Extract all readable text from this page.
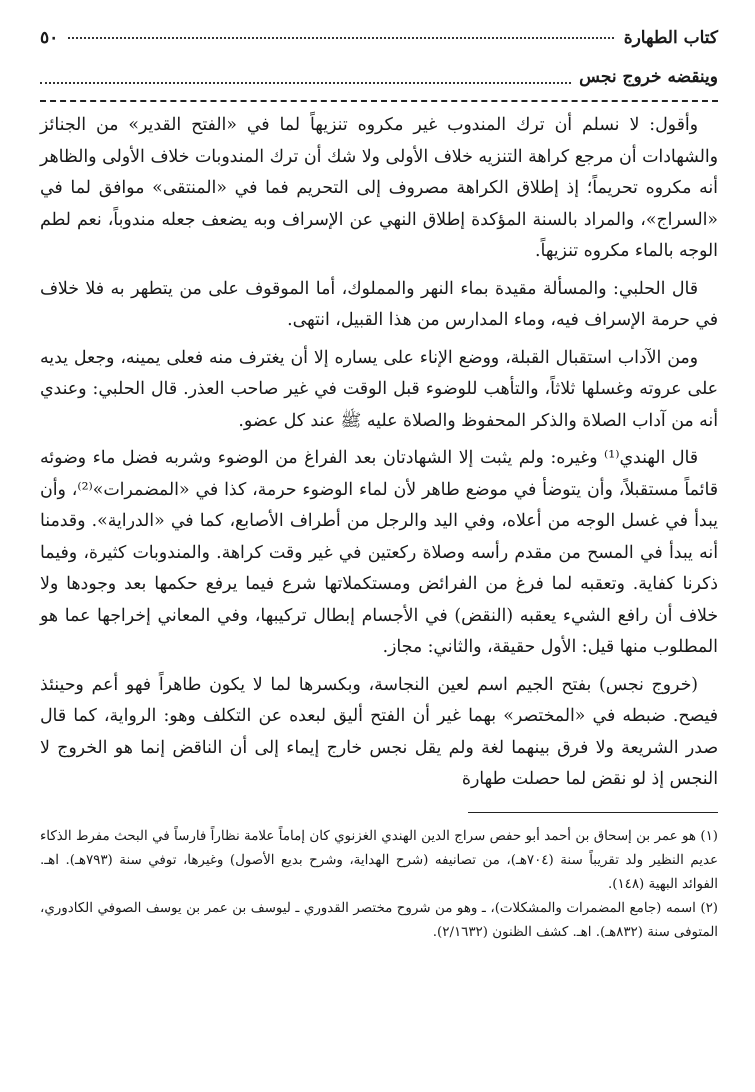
كتاب الطهارة
٥٠
وينقضه خروج نجس

وأقول: لا نسلم أن ترك المندوب غير مكروه تنزيهاً لما في «الفتح القدير» من الجنائز والشهادات أن مرجع كراهة التنزيه خلاف الأولى ولا شك أن ترك المندوبات خلاف الأولى والظاهر أنه مكروه تحريماً؛ إذ إطلاق الكراهة مصروف إلى التحريم فما في «المنتقى» موافق لما في «السراج»، والمراد بالسنة المؤكدة إطلاق النهي عن الإسراف وبه يضعف جعله مندوباً، نعم لطم الوجه بالماء مكروه تنزيهاً.

قال الحلبي: والمسألة مقيدة بماء النهر والمملوك، أما الموقوف على من يتطهر به فلا خلاف في حرمة الإسراف فيه، وماء المدارس من هذا القبيل، انتهى.

ومن الآداب استقبال القبلة، ووضع الإناء على يساره إلا أن يغترف منه فعلى يمينه، وجعل يديه على عروته وغسلها ثلاثاً، والتأهب للوضوء قبل الوقت في غير صاحب العذر. قال الحلبي: وعندي أنه من آداب الصلاة والذكر المحفوظ والصلاة عليه ﷺ عند كل عضو.

قال الهندي⁽¹⁾ وغيره: ولم يثبت إلا الشهادتان بعد الفراغ من الوضوء وشربه فضل ماء وضوئه قائماً مستقبلاً، وأن يتوضأ في موضع طاهر لأن لماء الوضوء حرمة، كذا في «المضمرات»⁽²⁾، وأن يبدأ في غسل الوجه من أعلاه، وفي اليد والرجل من أطراف الأصابع، كما في «الدراية». وقدمنا أنه يبدأ في المسح من مقدم رأسه وصلاة ركعتين في غير وقت كراهة. والمندوبات كثيرة، وفيما ذكرنا كفاية. وتعقبه لما فرغ من الفرائض ومستكملاتها شرع فيما يرفع حكمها بعد وجودها ولا خلاف أن رافع الشيء يعقبه (النقض) في الأجسام إبطال تركيبها، وفي المعاني إخراجها عما هو المطلوب منها قيل: الأول حقيقة، والثاني: مجاز.

(خروج نجس) بفتح الجيم اسم لعين النجاسة، وبكسرها لما لا يكون طاهراً فهو أعم وحينئذ فيصح. ضبطه في «المختصر» بهما غير أن الفتح أليق لبعده عن التكلف وهو: الرواية، كما قال صدر الشريعة ولا فرق بينهما لغة ولم يقل نجس خارج إيماء إلى أن الناقض إنما هو الخروج لا النجس إذ لو نقض لما حصلت طهارة

(١) هو عمر بن إسحاق بن أحمد أبو حفص سراج الدين الهندي الغزنوي كان إماماً علامة نظاراً فارساً في البحث مفرط الذكاء عديم النظير ولد تقريباً سنة (٧٠٤هـ)، من تصانيفه (شرح الهداية، وشرح بديع الأصول) وغيرها، توفي سنة (٧٩٣هـ). اهـ. الفوائد البهية (١٤٨).

(٢) اسمه (جامع المضمرات والمشكلات)، ـ وهو من شروح مختصر القدوري ـ ليوسف بن عمر بن يوسف الصوفي الكادوري، المتوفى سنة (٨٣٢هـ). اهـ. كشف الظنون (٢/١٦٣٢).
